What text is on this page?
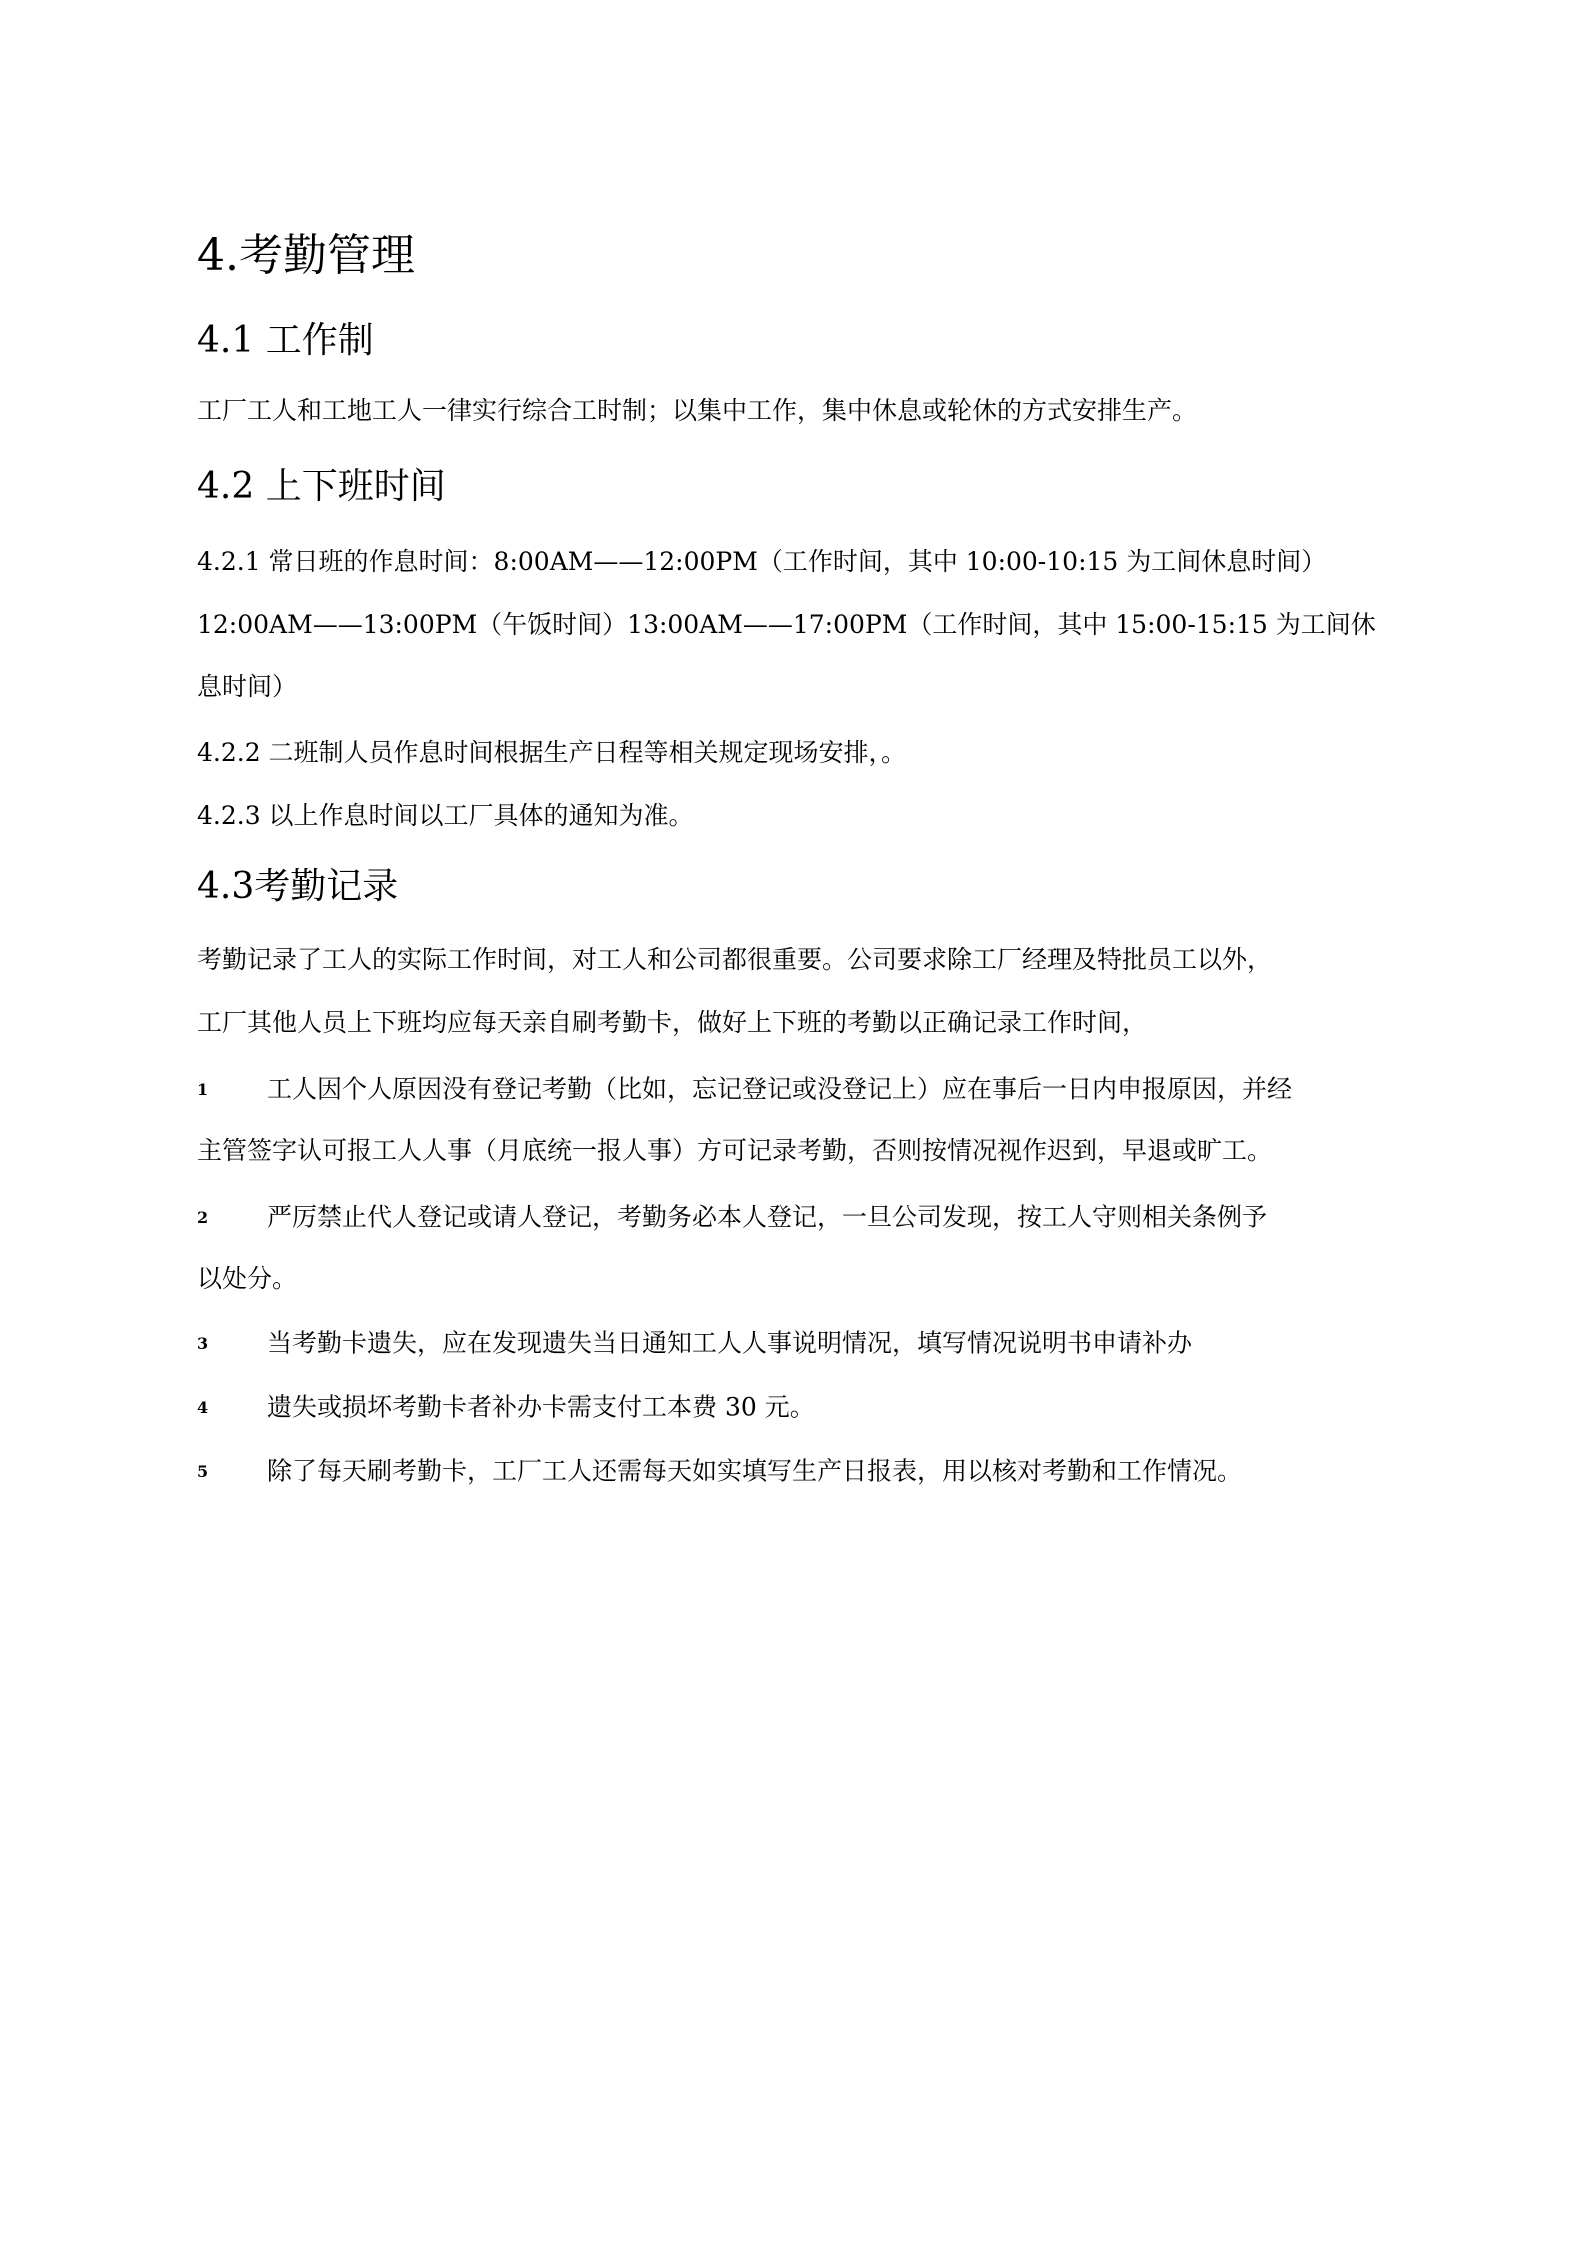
4.考勤管理
4.1 工作制
工厂工人和工地工人一律实行综合工时制；以集中工作，集中休息或轮休的方式安排生产。
4.2 上下班时间
4.2.1 常日班的作息时间：8:00AM——12:00PM（工作时间，其中 10:00-10:15 为工间休息时间）
12:00AM——13:00PM（午饭时间）13:00AM——17:00PM（工作时间，其中 15:00-15:15 为工间休
息时间）
4.2.2 二班制人员作息时间根据生产日程等相关规定现场安排，。
4.2.3 以上作息时间以工厂具体的通知为准。
4.3考勤记录
考勤记录了工人的实际工作时间，对工人和公司都很重要。公司要求除工厂经理及特批员工以外，
工厂其他人员上下班均应每天亲自刷考勤卡，做好上下班的考勤以正确记录工作时间，
1 工人因个人原因没有登记考勤（比如，忘记登记或没登记上）应在事后一日内申报原因，并经
主管签字认可报工人人事（月底统一报人事）方可记录考勤，否则按情况视作迟到，早退或旷工。
2 严厉禁止代人登记或请人登记，考勤务必本人登记，一旦公司发现，按工人守则相关条例予
以处分。
3 当考勤卡遗失，应在发现遗失当日通知工人人事说明情况，填写情况说明书申请补办
4 遗失或损坏考勤卡者补办卡需支付工本费 30 元。
5 除了每天刷考勤卡，工厂工人还需每天如实填写生产日报表，用以核对考勤和工作情况。
